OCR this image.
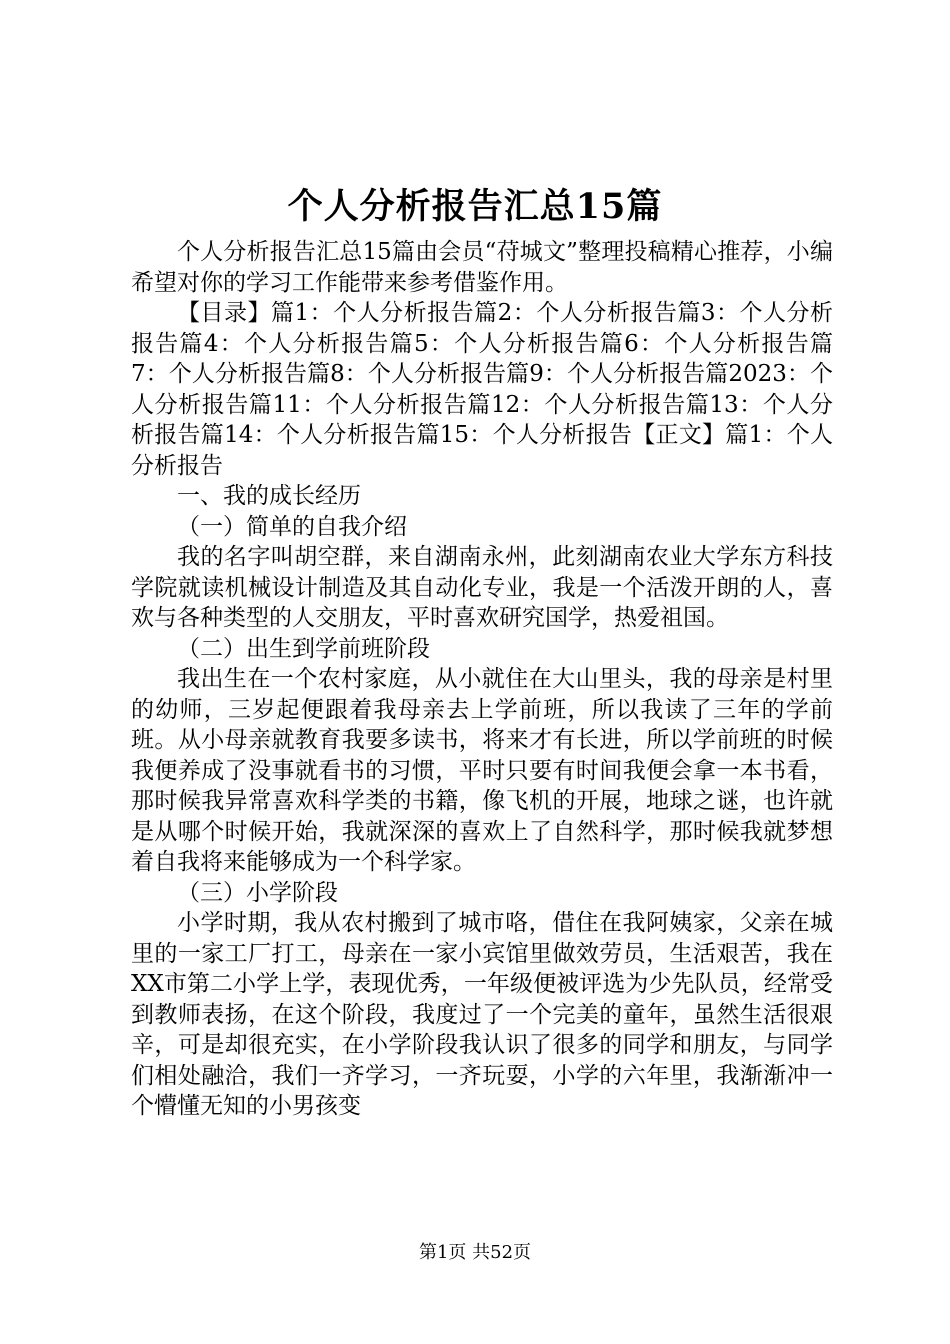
个人分析报告汇总15篇

个人分析报告汇总15篇由会员“苻城文”整理投稿精心推荐，小编希望对你的学习工作能带来参考借鉴作用。

【目录】篇1：个人分析报告篇2：个人分析报告篇3：个人分析报告篇4：个人分析报告篇5：个人分析报告篇6：个人分析报告篇7：个人分析报告篇8：个人分析报告篇9：个人分析报告篇2023：个人分析报告篇11：个人分析报告篇12：个人分析报告篇13：个人分析报告篇14：个人分析报告篇15：个人分析报告【正文】篇1：个人分析报告

一、我的成长经历

（一）简单的自我介绍

我的名字叫胡空群，来自湖南永州，此刻湖南农业大学东方科技学院就读机械设计制造及其自动化专业，我是一个活泼开朗的人，喜欢与各种类型的人交朋友，平时喜欢研究国学，热爱祖国。

（二）出生到学前班阶段

我出生在一个农村家庭，从小就住在大山里头，我的母亲是村里的幼师，三岁起便跟着我母亲去上学前班，所以我读了三年的学前班。从小母亲就教育我要多读书，将来才有长进，所以学前班的时候我便养成了没事就看书的习惯，平时只要有时间我便会拿一本书看，那时候我异常喜欢科学类的书籍，像飞机的开展，地球之谜，也许就是从哪个时候开始，我就深深的喜欢上了自然科学，那时候我就梦想着自我将来能够成为一个科学家。

（三）小学阶段

小学时期，我从农村搬到了城市咯，借住在我阿姨家，父亲在城里的一家工厂打工，母亲在一家小宾馆里做效劳员，生活艰苦，我在XX市第二小学上学，表现优秀，一年级便被评选为少先队员，经常受到教师表扬，在这个阶段，我度过了一个完美的童年，虽然生活很艰辛，可是却很充实，在小学阶段我认识了很多的同学和朋友，与同学们相处融洽，我们一齐学习，一齐玩耍，小学的六年里，我渐渐冲一个懵懂无知的小男孩变

第1页 共52页
